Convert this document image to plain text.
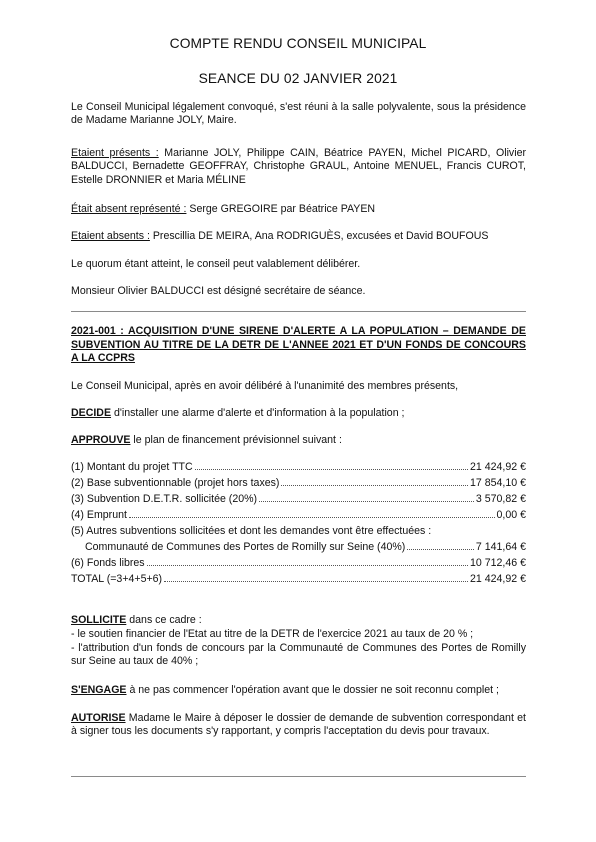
COMPTE RENDU CONSEIL MUNICIPAL
SEANCE DU 02 JANVIER 2021

Le Conseil Municipal légalement convoqué, s'est réuni à la salle polyvalente, sous la présidence de Madame Marianne JOLY, Maire.

Etaient présents : Marianne JOLY, Philippe CAIN, Béatrice PAYEN, Michel PICARD, Olivier BALDUCCI, Bernadette GEOFFRAY, Christophe GRAUL, Antoine MENUEL, Francis CUROT, Estelle DRONNIER et Maria MÉLINE

Était absent représenté : Serge GREGOIRE par Béatrice PAYEN

Etaient absents : Prescillia DE MEIRA, Ana RODRIGUÈS, excusées et David BOUFOUS

Le quorum étant atteint, le conseil peut valablement délibérer.

Monsieur Olivier BALDUCCI est désigné secrétaire de séance.

2021-001 : ACQUISITION D'UNE SIRENE D'ALERTE A LA POPULATION – DEMANDE DE SUBVENTION AU TITRE DE LA DETR DE L'ANNEE 2021 ET D'UN FONDS DE CONCOURS A LA CCPRS

Le Conseil Municipal, après en avoir délibéré à l'unanimité des membres présents,

DECIDE d'installer une alarme d'alerte et d'information à la population ;

APPROUVE le plan de financement prévisionnel suivant :

(1) Montant du projet TTC	21 424,92 €
(2) Base subventionnable (projet hors taxes)	17 854,10 €
(3) Subvention D.E.T.R. sollicitée (20%)	3 570,82 €
(4) Emprunt	0,00 €
(5) Autres subventions sollicitées et dont les demandes vont être effectuées :
Communauté de Communes des Portes de Romilly sur Seine (40%)	7 141,64 €
(6) Fonds libres	10 712,46 €
TOTAL (=3+4+5+6)	21 424,92 €

SOLLICITE dans ce cadre :

- le soutien financier de l'Etat au titre de la DETR de l'exercice 2021 au taux de 20 % ;

- l'attribution d'un fonds de concours par la Communauté de Communes des Portes de Romilly sur Seine au taux de 40% ;

S'ENGAGE à ne pas commencer l'opération avant que le dossier ne soit reconnu complet ;

AUTORISE Madame le Maire à déposer le dossier de demande de subvention correspondant et à signer tous les documents s'y rapportant, y compris l'acceptation du devis pour travaux.
